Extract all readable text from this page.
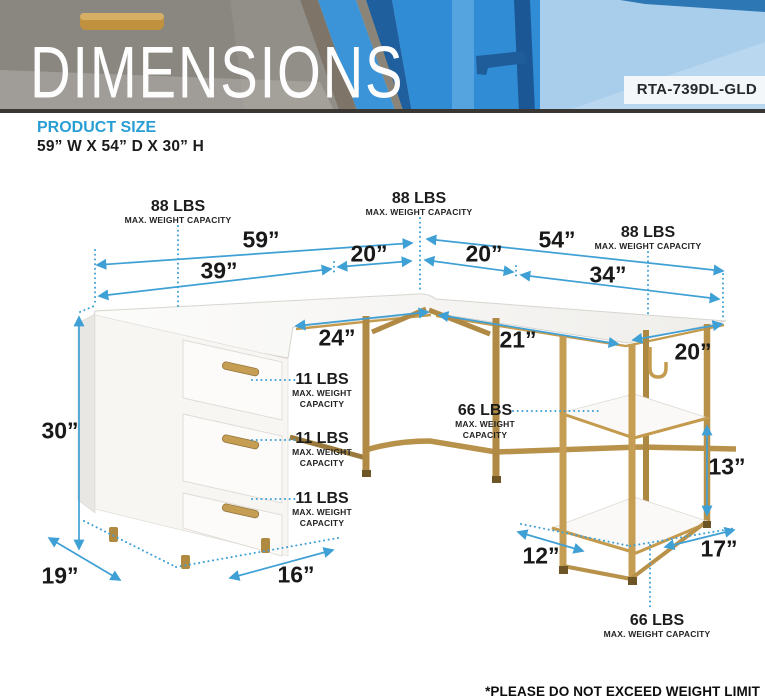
DIMENSIONS	RTA-739DL-GLD
PRODUCT SIZE
59” W X 54” D X 30” H
59”
39”
20”	20”
54”
34”
24”	21”	20”
30”
19”	16”
12”	17”
13”
88 LBS
MAX. WEIGHT CAPACITY
88 LBS
MAX. WEIGHT CAPACITY
88 LBS
MAX. WEIGHT CAPACITY
11 LBS
MAX. WEIGHT
CAPACITY
11 LBS
MAX. WEIGHT
CAPACITY
11 LBS
MAX. WEIGHT
CAPACITY
66 LBS
MAX. WEIGHT
CAPACITY
66 LBS
MAX. WEIGHT CAPACITY
*PLEASE DO NOT EXCEED WEIGHT LIMIT
